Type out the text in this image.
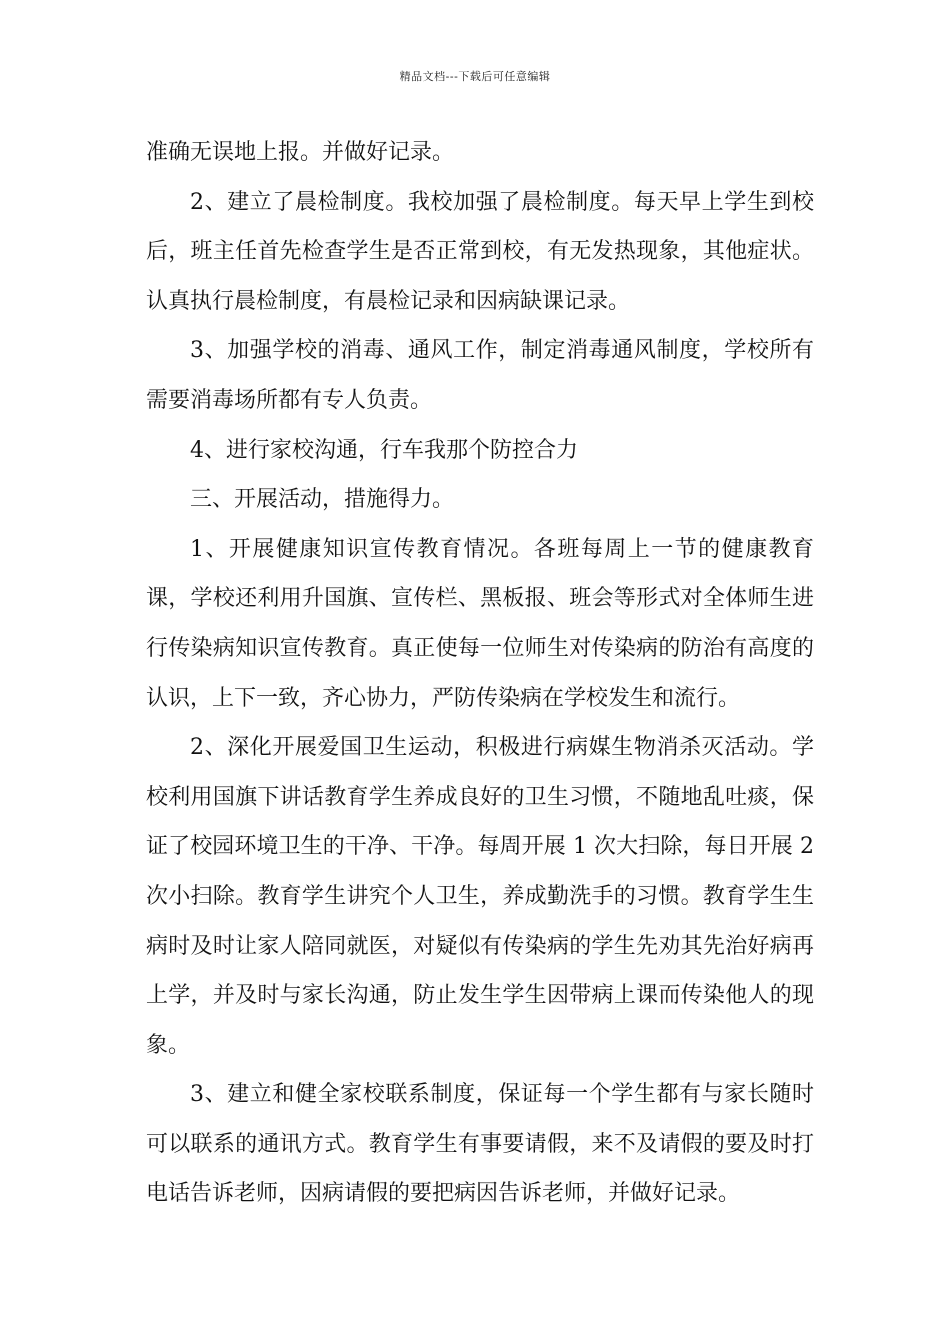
精品文档---下载后可任意编辑

准确无误地上报。并做好记录。

2、建立了晨检制度。我校加强了晨检制度。每天早上学生到校后，班主任首先检查学生是否正常到校，有无发热现象，其他症状。认真执行晨检制度，有晨检记录和因病缺课记录。

3、加强学校的消毒、通风工作，制定消毒通风制度，学校所有需要消毒场所都有专人负责。

4、进行家校沟通，行车我那个防控合力

三、开展活动，措施得力。

1、开展健康知识宣传教育情况。各班每周上一节的健康教育课，学校还利用升国旗、宣传栏、黑板报、班会等形式对全体师生进行传染病知识宣传教育。真正使每一位师生对传染病的防治有高度的认识，上下一致，齐心协力，严防传染病在学校发生和流行。

2、深化开展爱国卫生运动，积极进行病媒生物消杀灭活动。学校利用国旗下讲话教育学生养成良好的卫生习惯，不随地乱吐痰，保证了校园环境卫生的干净、干净。每周开展 1 次大扫除，每日开展 2 次小扫除。教育学生讲究个人卫生，养成勤洗手的习惯。教育学生生病时及时让家人陪同就医，对疑似有传染病的学生先劝其先治好病再上学，并及时与家长沟通，防止发生学生因带病上课而传染他人的现象。

3、建立和健全家校联系制度，保证每一个学生都有与家长随时可以联系的通讯方式。教育学生有事要请假，来不及请假的要及时打电话告诉老师，因病请假的要把病因告诉老师，并做好记录。
